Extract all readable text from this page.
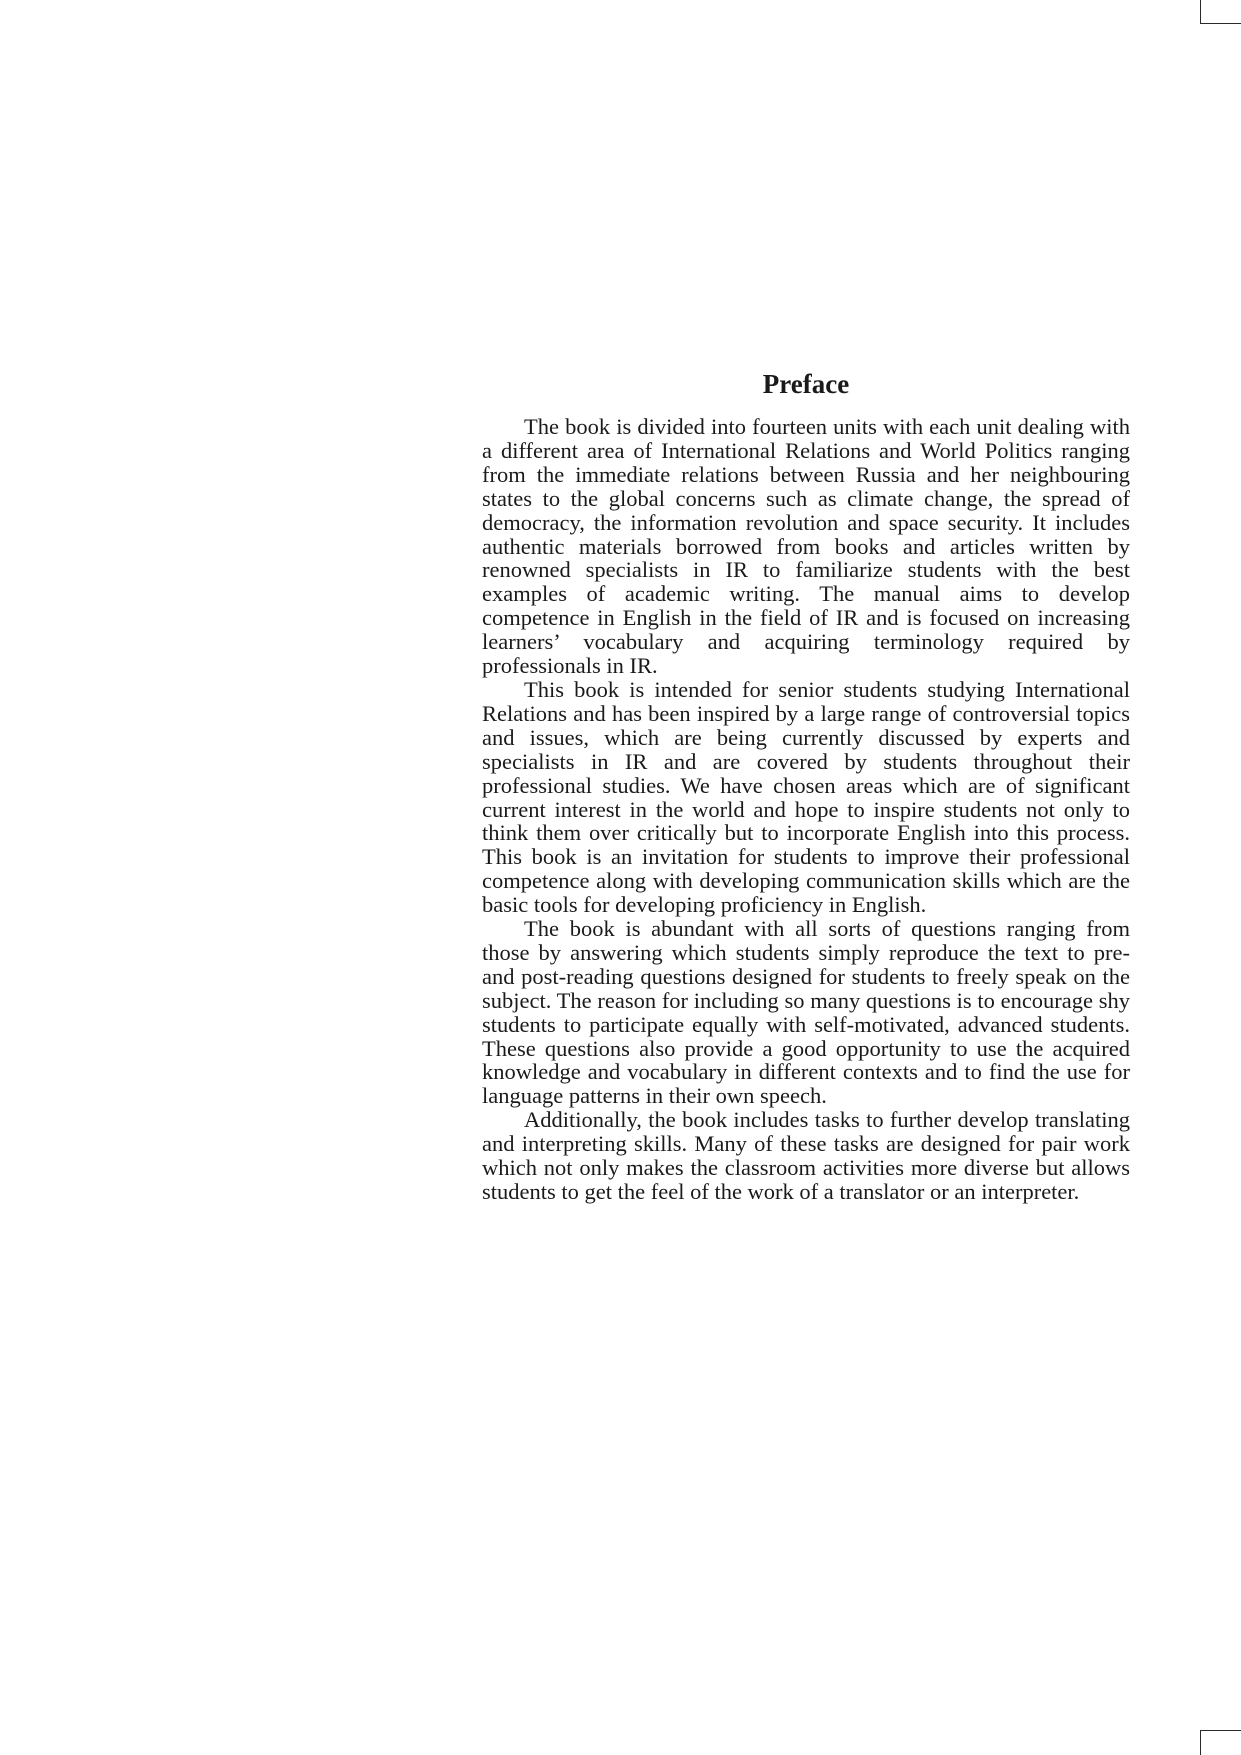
Preface

The book is divided into fourteen units with each unit dealing with a different area of International Relations and World Politics ranging from the immediate relations between Russia and her neighbouring states to the global concerns such as climate change, the spread of democracy, the information revolution and space security. It includes authentic materials borrowed from books and articles written by renowned specialists in IR to familiarize students with the best examples of academic writing. The manual aims to develop competence in English in the field of IR and is focused on increasing learners’ vocabulary and acquiring terminology required by professionals in IR.

This book is intended for senior students studying International Relations and has been inspired by a large range of controversial topics and issues, which are being currently discussed by experts and specialists in IR and are covered by students throughout their professional studies. We have chosen areas which are of significant current interest in the world and hope to inspire students not only to think them over critically but to incorporate English into this process. This book is an invitation for students to improve their professional competence along with developing communication skills which are the basic tools for developing proficiency in English.

The book is abundant with all sorts of questions ranging from those by answering which students simply reproduce the text to pre- and post-reading questions designed for students to freely speak on the subject. The reason for including so many questions is to encourage shy students to participate equally with self-motivated, advanced students. These questions also provide a good opportunity to use the acquired knowledge and vocabulary in different contexts and to find the use for language patterns in their own speech.

Additionally, the book includes tasks to further develop translating and interpreting skills. Many of these tasks are designed for pair work which not only makes the classroom activities more diverse but allows students to get the feel of the work of a translator or an interpreter.
